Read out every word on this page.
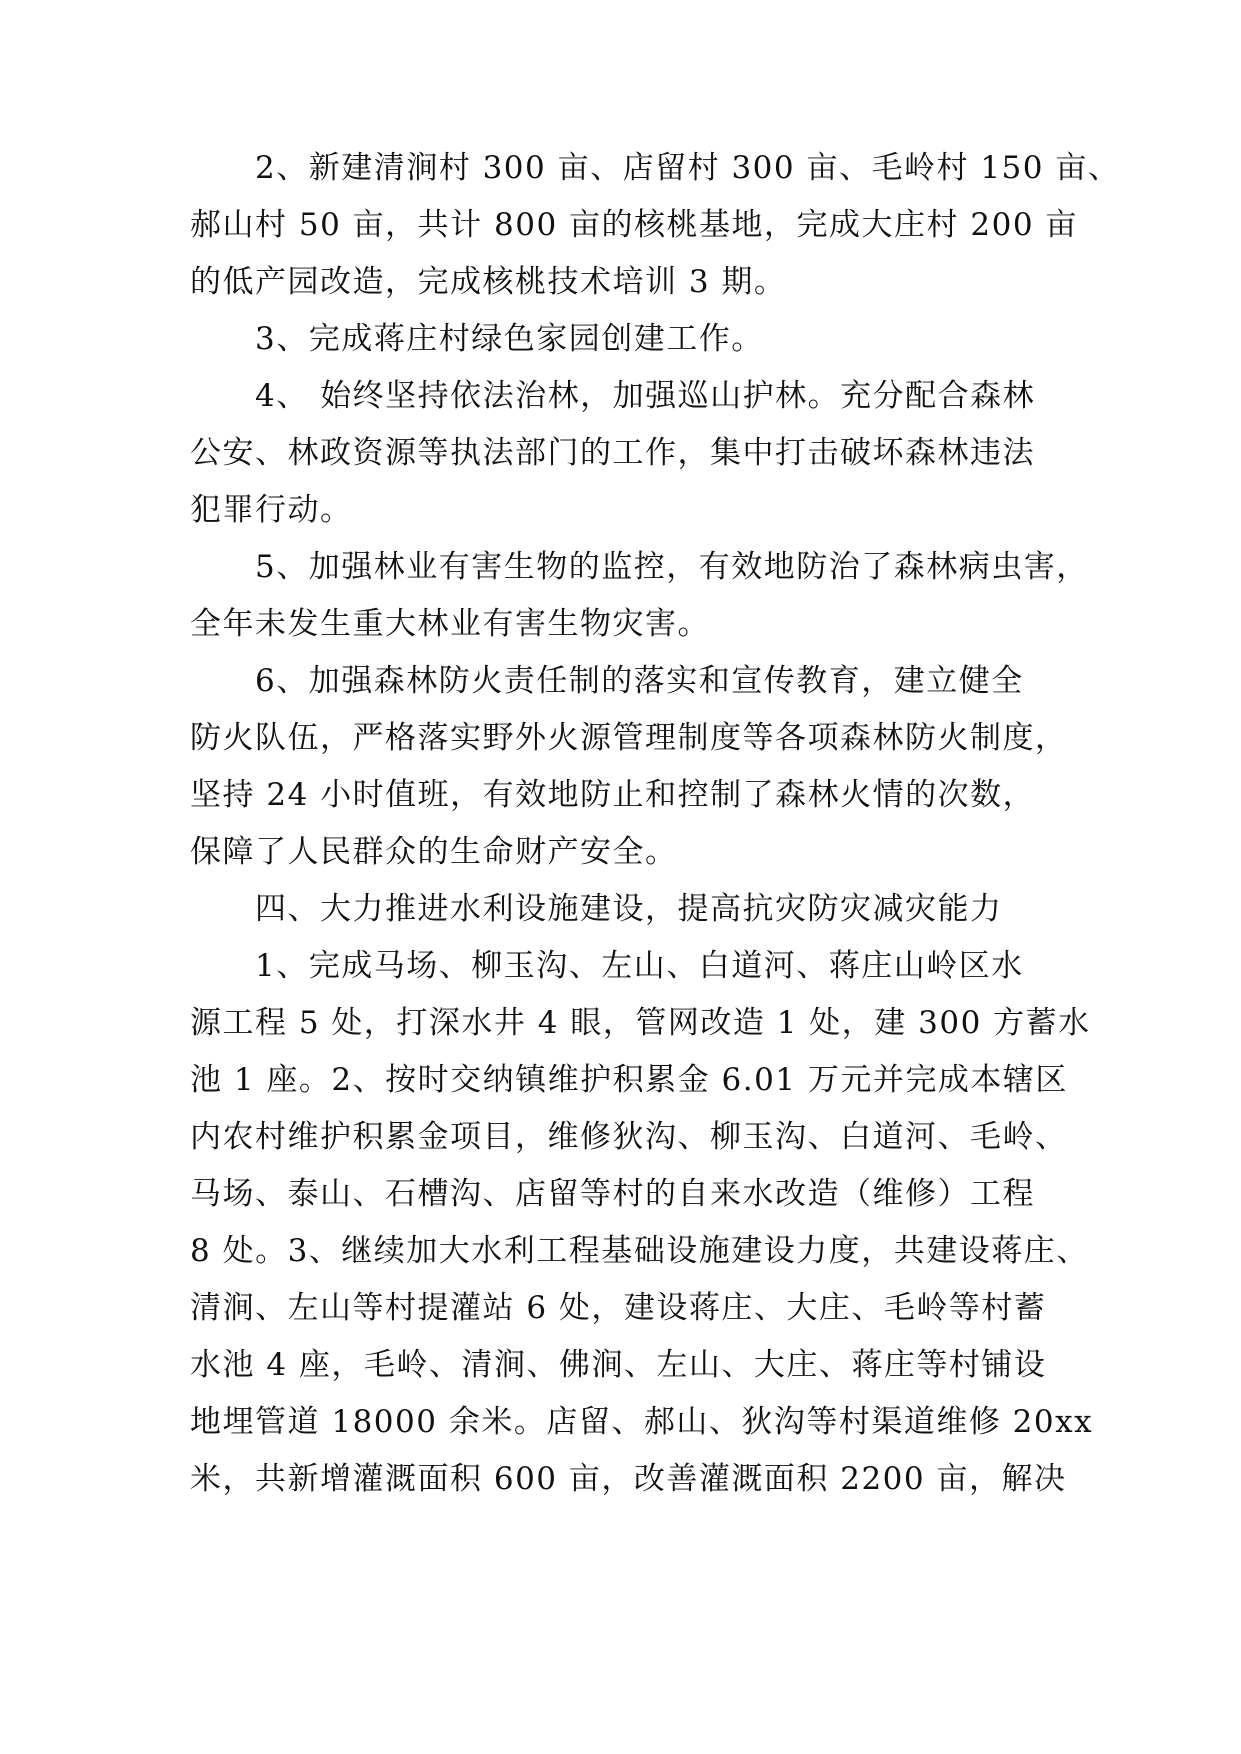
　　2、新建清涧村 300 亩、店留村 300 亩、毛岭村 150 亩、
郝山村 50 亩，共计 800 亩的核桃基地，完成大庄村 200 亩
的低产园改造，完成核桃技术培训 3 期。
　　3、完成蒋庄村绿色家园创建工作。
　　4、 始终坚持依法治林，加强巡山护林。充分配合森林
公安、林政资源等执法部门的工作，集中打击破坏森林违法
犯罪行动。
　　5、加强林业有害生物的监控，有效地防治了森林病虫害，
全年未发生重大林业有害生物灾害。
　　6、加强森林防火责任制的落实和宣传教育，建立健全
防火队伍，严格落实野外火源管理制度等各项森林防火制度，
坚持 24 小时值班，有效地防止和控制了森林火情的次数，
保障了人民群众的生命财产安全。
　　四、大力推进水利设施建设，提高抗灾防灾减灾能力
　　1、完成马场、柳玉沟、左山、白道河、蒋庄山岭区水
源工程 5 处，打深水井 4 眼，管网改造 1 处，建 300 方蓄水
池 1 座。2、按时交纳镇维护积累金 6.01 万元并完成本辖区
内农村维护积累金项目，维修狄沟、柳玉沟、白道河、毛岭、
马场、泰山、石槽沟、店留等村的自来水改造（维修）工程
8 处。3、继续加大水利工程基础设施建设力度，共建设蒋庄、
清涧、左山等村提灌站 6 处，建设蒋庄、大庄、毛岭等村蓄
水池 4 座，毛岭、清涧、佛涧、左山、大庄、蒋庄等村铺设
地埋管道 18000 余米。店留、郝山、狄沟等村渠道维修 20xx
米，共新增灌溉面积 600 亩，改善灌溉面积 2200 亩，解决
